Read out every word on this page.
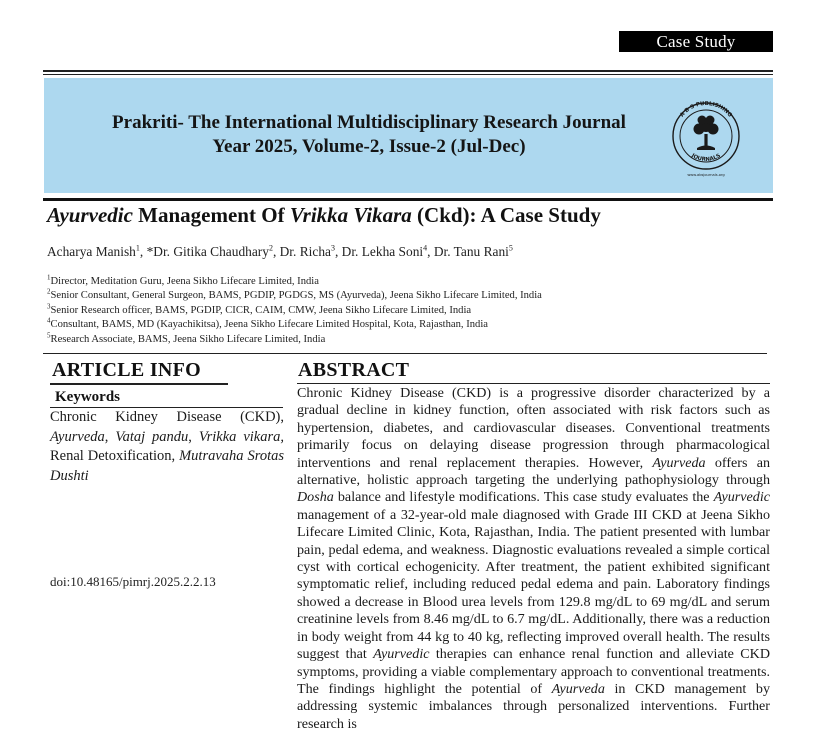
Case Study
Prakriti- The International Multidisciplinary Research Journal
Year 2025, Volume-2, Issue-2 (Jul-Dec)
A B S PUBLISHING
JOURNALS
www.absjournals.org
Ayurvedic Management Of Vrikka Vikara (Ckd): A Case Study
Acharya Manish$^1$, *Dr. Gitika Chaudhary$^2$, Dr. Richa$^3$, Dr. Lekha Soni$^4$, Dr. Tanu Rani$^5$
$^1$Director, Meditation Guru, Jeena Sikho Lifecare Limited, India
$^2$Senior Consultant, General Surgeon, BAMS, PGDIP, PGDGS, MS (Ayurveda), Jeena Sikho Lifecare Limited, India
$^3$Senior Research officer, BAMS, PGDIP, CICR, CAIM, CMW, Jeena Sikho Lifecare Limited, India
$^4$Consultant, BAMS, MD (Kayachikitsa), Jeena Sikho Lifecare Limited Hospital, Kota, Rajasthan, India
$^5$Research Associate, BAMS, Jeena Sikho Lifecare Limited, India
ARTICLE INFO
Keywords

Chronic Kidney Disease (CKD), Ayurveda, Vataj pandu, Vrikka vikara, Renal Detoxification, Mutravaha Srotas Dushti

doi:10.48165/pimrj.2025.2.2.13
ABSTRACT

Chronic Kidney Disease (CKD) is a progressive disorder characterized by a gradual decline in kidney function, often associated with risk factors such as hypertension, diabetes, and cardiovascular diseases. Conventional treatments primarily focus on delaying disease progression through pharmacological interventions and renal replacement therapies. However, Ayurveda offers an alternative, holistic approach targeting the underlying pathophysiology through Dosha balance and lifestyle modifications. This case study evaluates the Ayurvedic management of a 32-year-old male diagnosed with Grade III CKD at Jeena Sikho Lifecare Limited Clinic, Kota, Rajasthan, India. The patient presented with lumbar pain, pedal edema, and weakness. Diagnostic evaluations revealed a simple cortical cyst with cortical echogenicity. After treatment, the patient exhibited significant symptomatic relief, including reduced pedal edema and pain. Laboratory findings showed a decrease in Blood urea levels from 129.8 mg/dL to 69 mg/dL and serum creatinine levels from 8.46 mg/dL to 6.7 mg/dL. Additionally, there was a reduction in body weight from 44 kg to 40 kg, reflecting improved overall health. The results suggest that Ayurvedic therapies can enhance renal function and alleviate CKD symptoms, providing a viable complementary approach to conventional treatments. The findings highlight the potential of Ayurveda in CKD management by addressing systemic imbalances through personalized interventions. Further research is
